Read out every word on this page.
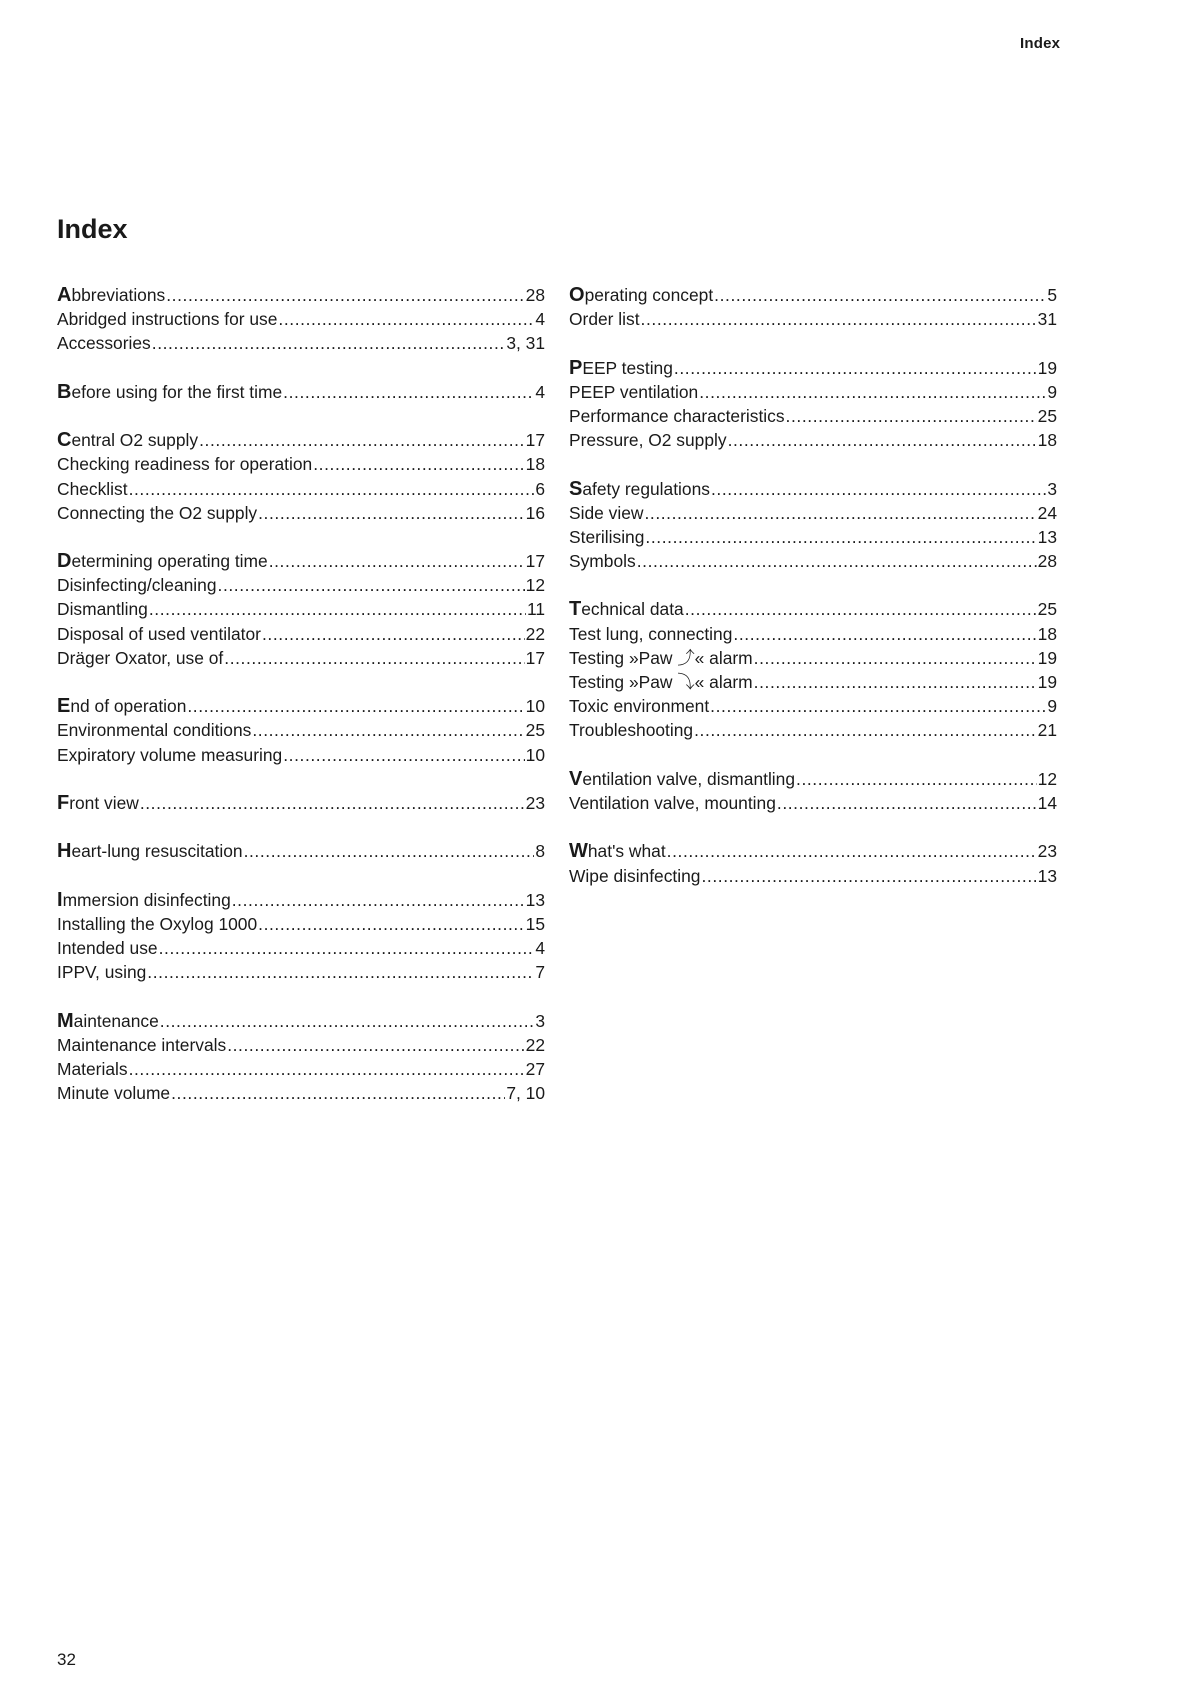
Index
Index
Abbreviations .....	28
Abridged instructions for use .....	4
Accessories .....	3, 31
Before using for the first time .....	4
Central O2 supply .....	17
Checking readiness for operation .....	18
Checklist .....	6
Connecting the O2 supply .....	16
Determining operating time .....	17
Disinfecting/cleaning .....	12
Dismantling .....	11
Disposal of used ventilator .....	22
Dräger Oxator, use of .....	17
End of operation .....	10
Environmental conditions .....	25
Expiratory volume measuring .....	10
Front view .....	23
Heart-lung resuscitation .....	8
Immersion disinfecting .....	13
Installing the Oxylog 1000 .....	15
Intended use .....	4
IPPV, using .....	7
Maintenance .....	3
Maintenance intervals .....	22
Materials .....	27
Minute volume .....	7, 10
Operating concept .....	5
Order list .....	31
PEEP testing .....	19
PEEP ventilation .....	9
Performance characteristics .....	25
Pressure, O2 supply .....	18
Safety regulations .....	3
Side view .....	24
Sterilising .....	13
Symbols .....	28
Technical data .....	25
Test lung, connecting .....	18
Testing »Paw ⤴« alarm .....	19
Testing »Paw ⤵« alarm .....	19
Toxic environment .....	9
Troubleshooting .....	21
Ventilation valve, dismantling .....	12
Ventilation valve, mounting .....	14
What's what .....	23
Wipe disinfecting .....	13
32
